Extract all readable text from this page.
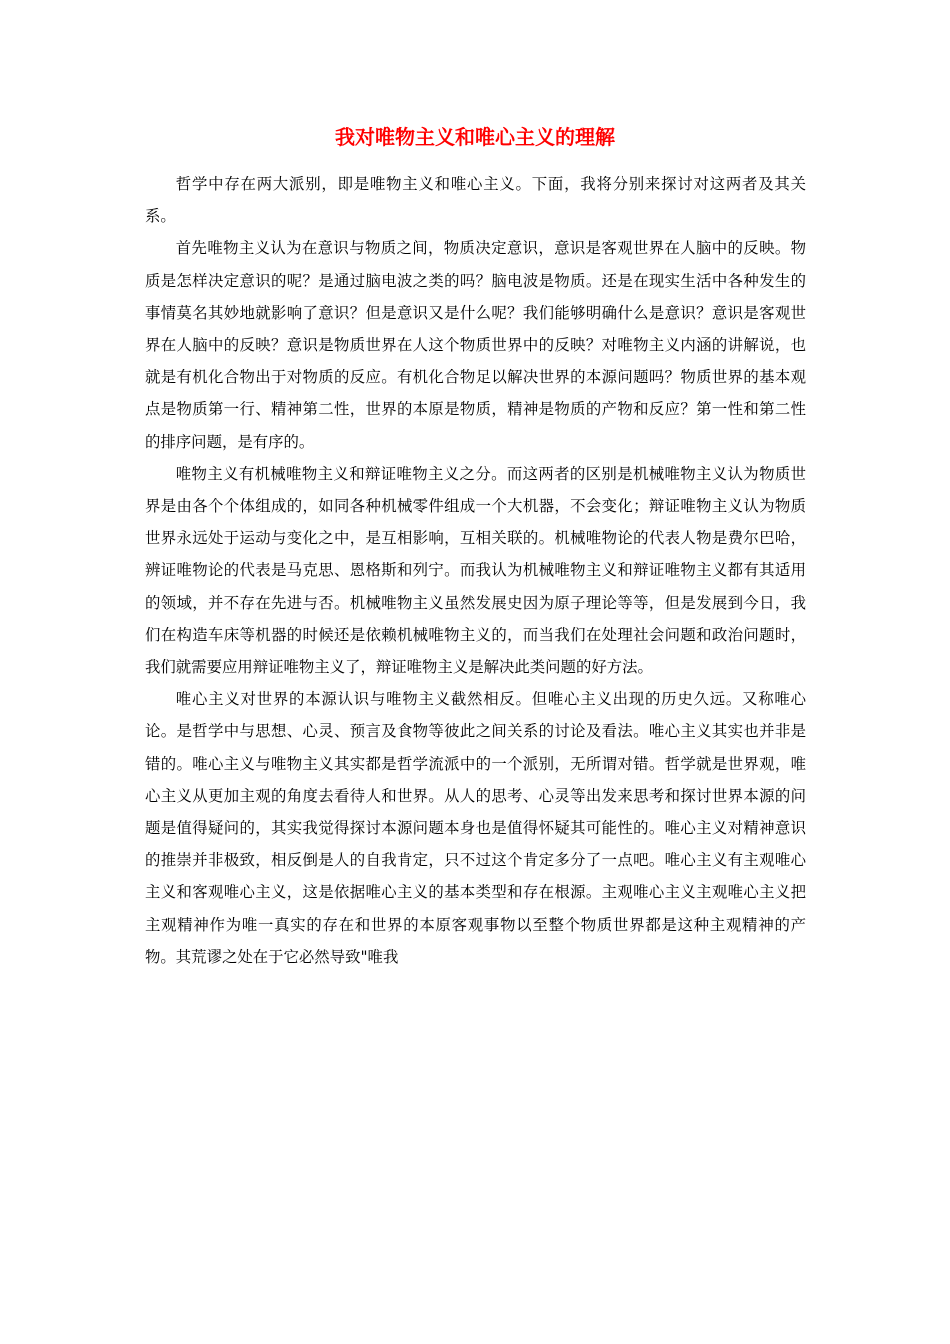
我对唯物主义和唯心主义的理解

哲学中存在两大派别，即是唯物主义和唯心主义。下面，我将分别来探讨对这两者及其关系。

首先唯物主义认为在意识与物质之间，物质决定意识，意识是客观世界在人脑中的反映。物质是怎样决定意识的呢？是通过脑电波之类的吗？脑电波是物质。还是在现实生活中各种发生的事情莫名其妙地就影响了意识？但是意识又是什么呢？我们能够明确什么是意识？意识是客观世界在人脑中的反映？意识是物质世界在人这个物质世界中的反映？对唯物主义内涵的讲解说，也就是有机化合物出于对物质的反应。有机化合物足以解决世界的本源问题吗？物质世界的基本观点是物质第一行、精神第二性，世界的本原是物质，精神是物质的产物和反应？第一性和第二性的排序问题，是有序的。

唯物主义有机械唯物主义和辩证唯物主义之分。而这两者的区别是机械唯物主义认为物质世界是由各个个体组成的，如同各种机械零件组成一个大机器，不会变化；辩证唯物主义认为物质世界永远处于运动与变化之中，是互相影响，互相关联的。机械唯物论的代表人物是费尔巴哈，辨证唯物论的代表是马克思、恩格斯和列宁。而我认为机械唯物主义和辩证唯物主义都有其适用的领域，并不存在先进与否。机械唯物主义虽然发展史因为原子理论等等，但是发展到今日，我们在构造车床等机器的时候还是依赖机械唯物主义的，而当我们在处理社会问题和政治问题时，我们就需要应用辩证唯物主义了，辩证唯物主义是解决此类问题的好方法。

唯心主义对世界的本源认识与唯物主义截然相反。但唯心主义出现的历史久远。又称唯心论。是哲学中与思想、心灵、预言及食物等彼此之间关系的讨论及看法。唯心主义其实也并非是错的。唯心主义与唯物主义其实都是哲学流派中的一个派别，无所谓对错。哲学就是世界观，唯心主义从更加主观的角度去看待人和世界。从人的思考、心灵等出发来思考和探讨世界本源的问题是值得疑问的，其实我觉得探讨本源问题本身也是值得怀疑其可能性的。唯心主义对精神意识的推崇并非极致，相反倒是人的自我肯定，只不过这个肯定多分了一点吧。唯心主义有主观唯心主义和客观唯心主义，这是依据唯心主义的基本类型和存在根源。主观唯心主义主观唯心主义把主观精神作为唯一真实的存在和世界的本原客观事物以至整个物质世界都是这种主观精神的产物。其荒谬之处在于它必然导致"唯我
